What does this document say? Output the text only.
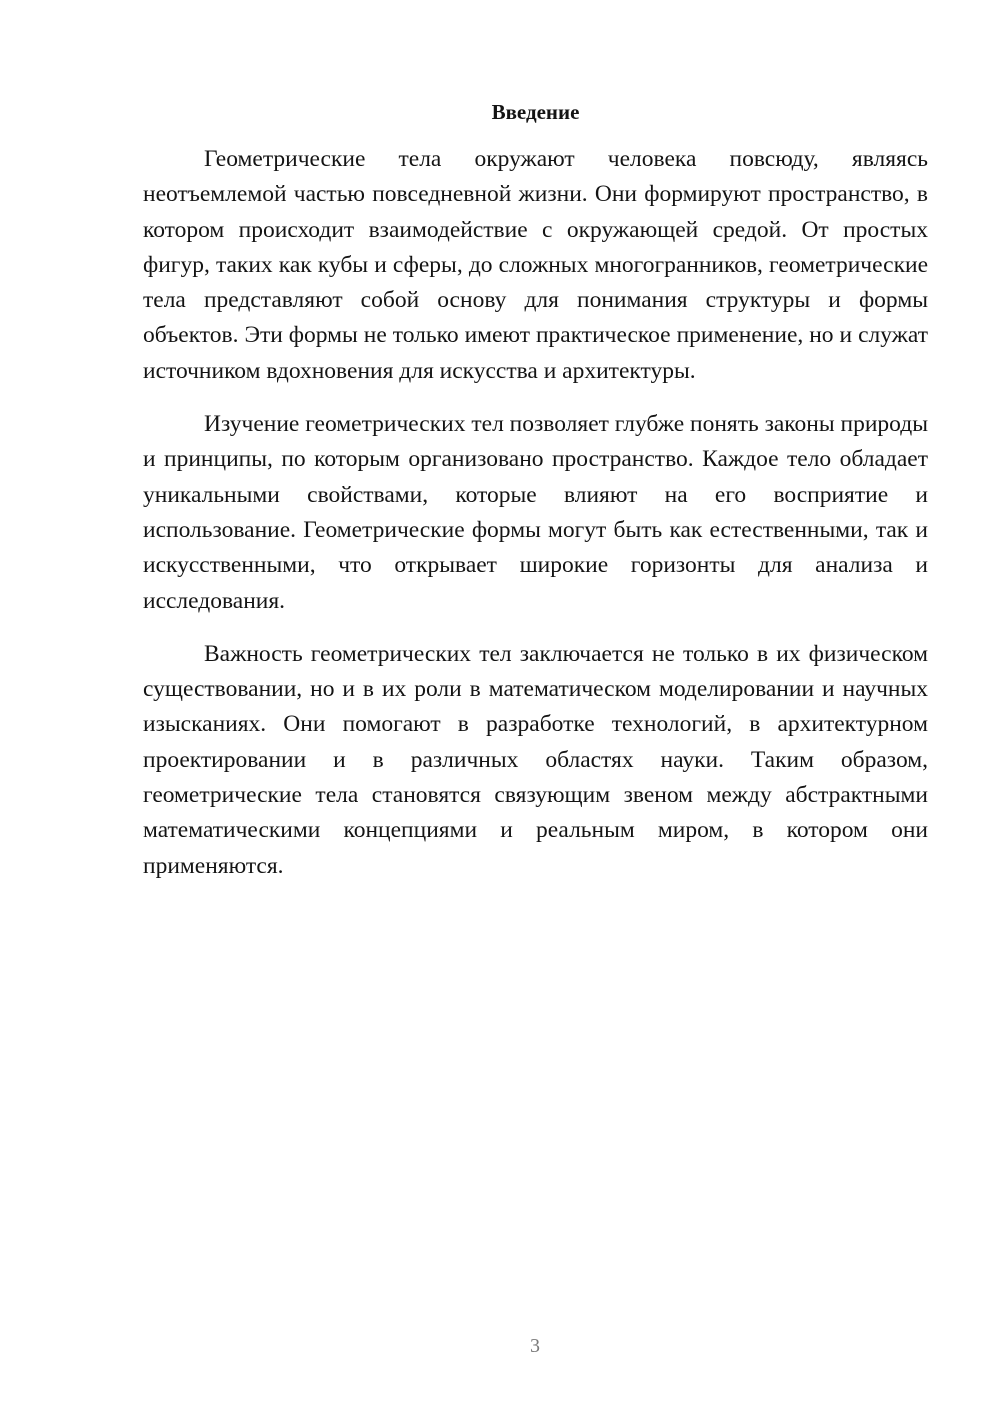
Введение

Геометрические тела окружают человека повсюду, являясь неотъемлемой частью повседневной жизни. Они формируют пространство, в котором происходит взаимодействие с окружающей средой. От простых фигур, таких как кубы и сферы, до сложных многогранников, геометрические тела представляют собой основу для понимания структуры и формы объектов. Эти формы не только имеют практическое применение, но и служат источником вдохновения для искусства и архитектуры.

Изучение геометрических тел позволяет глубже понять законы природы и принципы, по которым организовано пространство. Каждое тело обладает уникальными свойствами, которые влияют на его восприятие и использование. Геометрические формы могут быть как естественными, так и искусственными, что открывает широкие горизонты для анализа и исследования.

Важность геометрических тел заключается не только в их физическом существовании, но и в их роли в математическом моделировании и научных изысканиях. Они помогают в разработке технологий, в архитектурном проектировании и в различных областях науки. Таким образом, геометрические тела становятся связующим звеном между абстрактными математическими концепциями и реальным миром, в котором они применяются.

3
